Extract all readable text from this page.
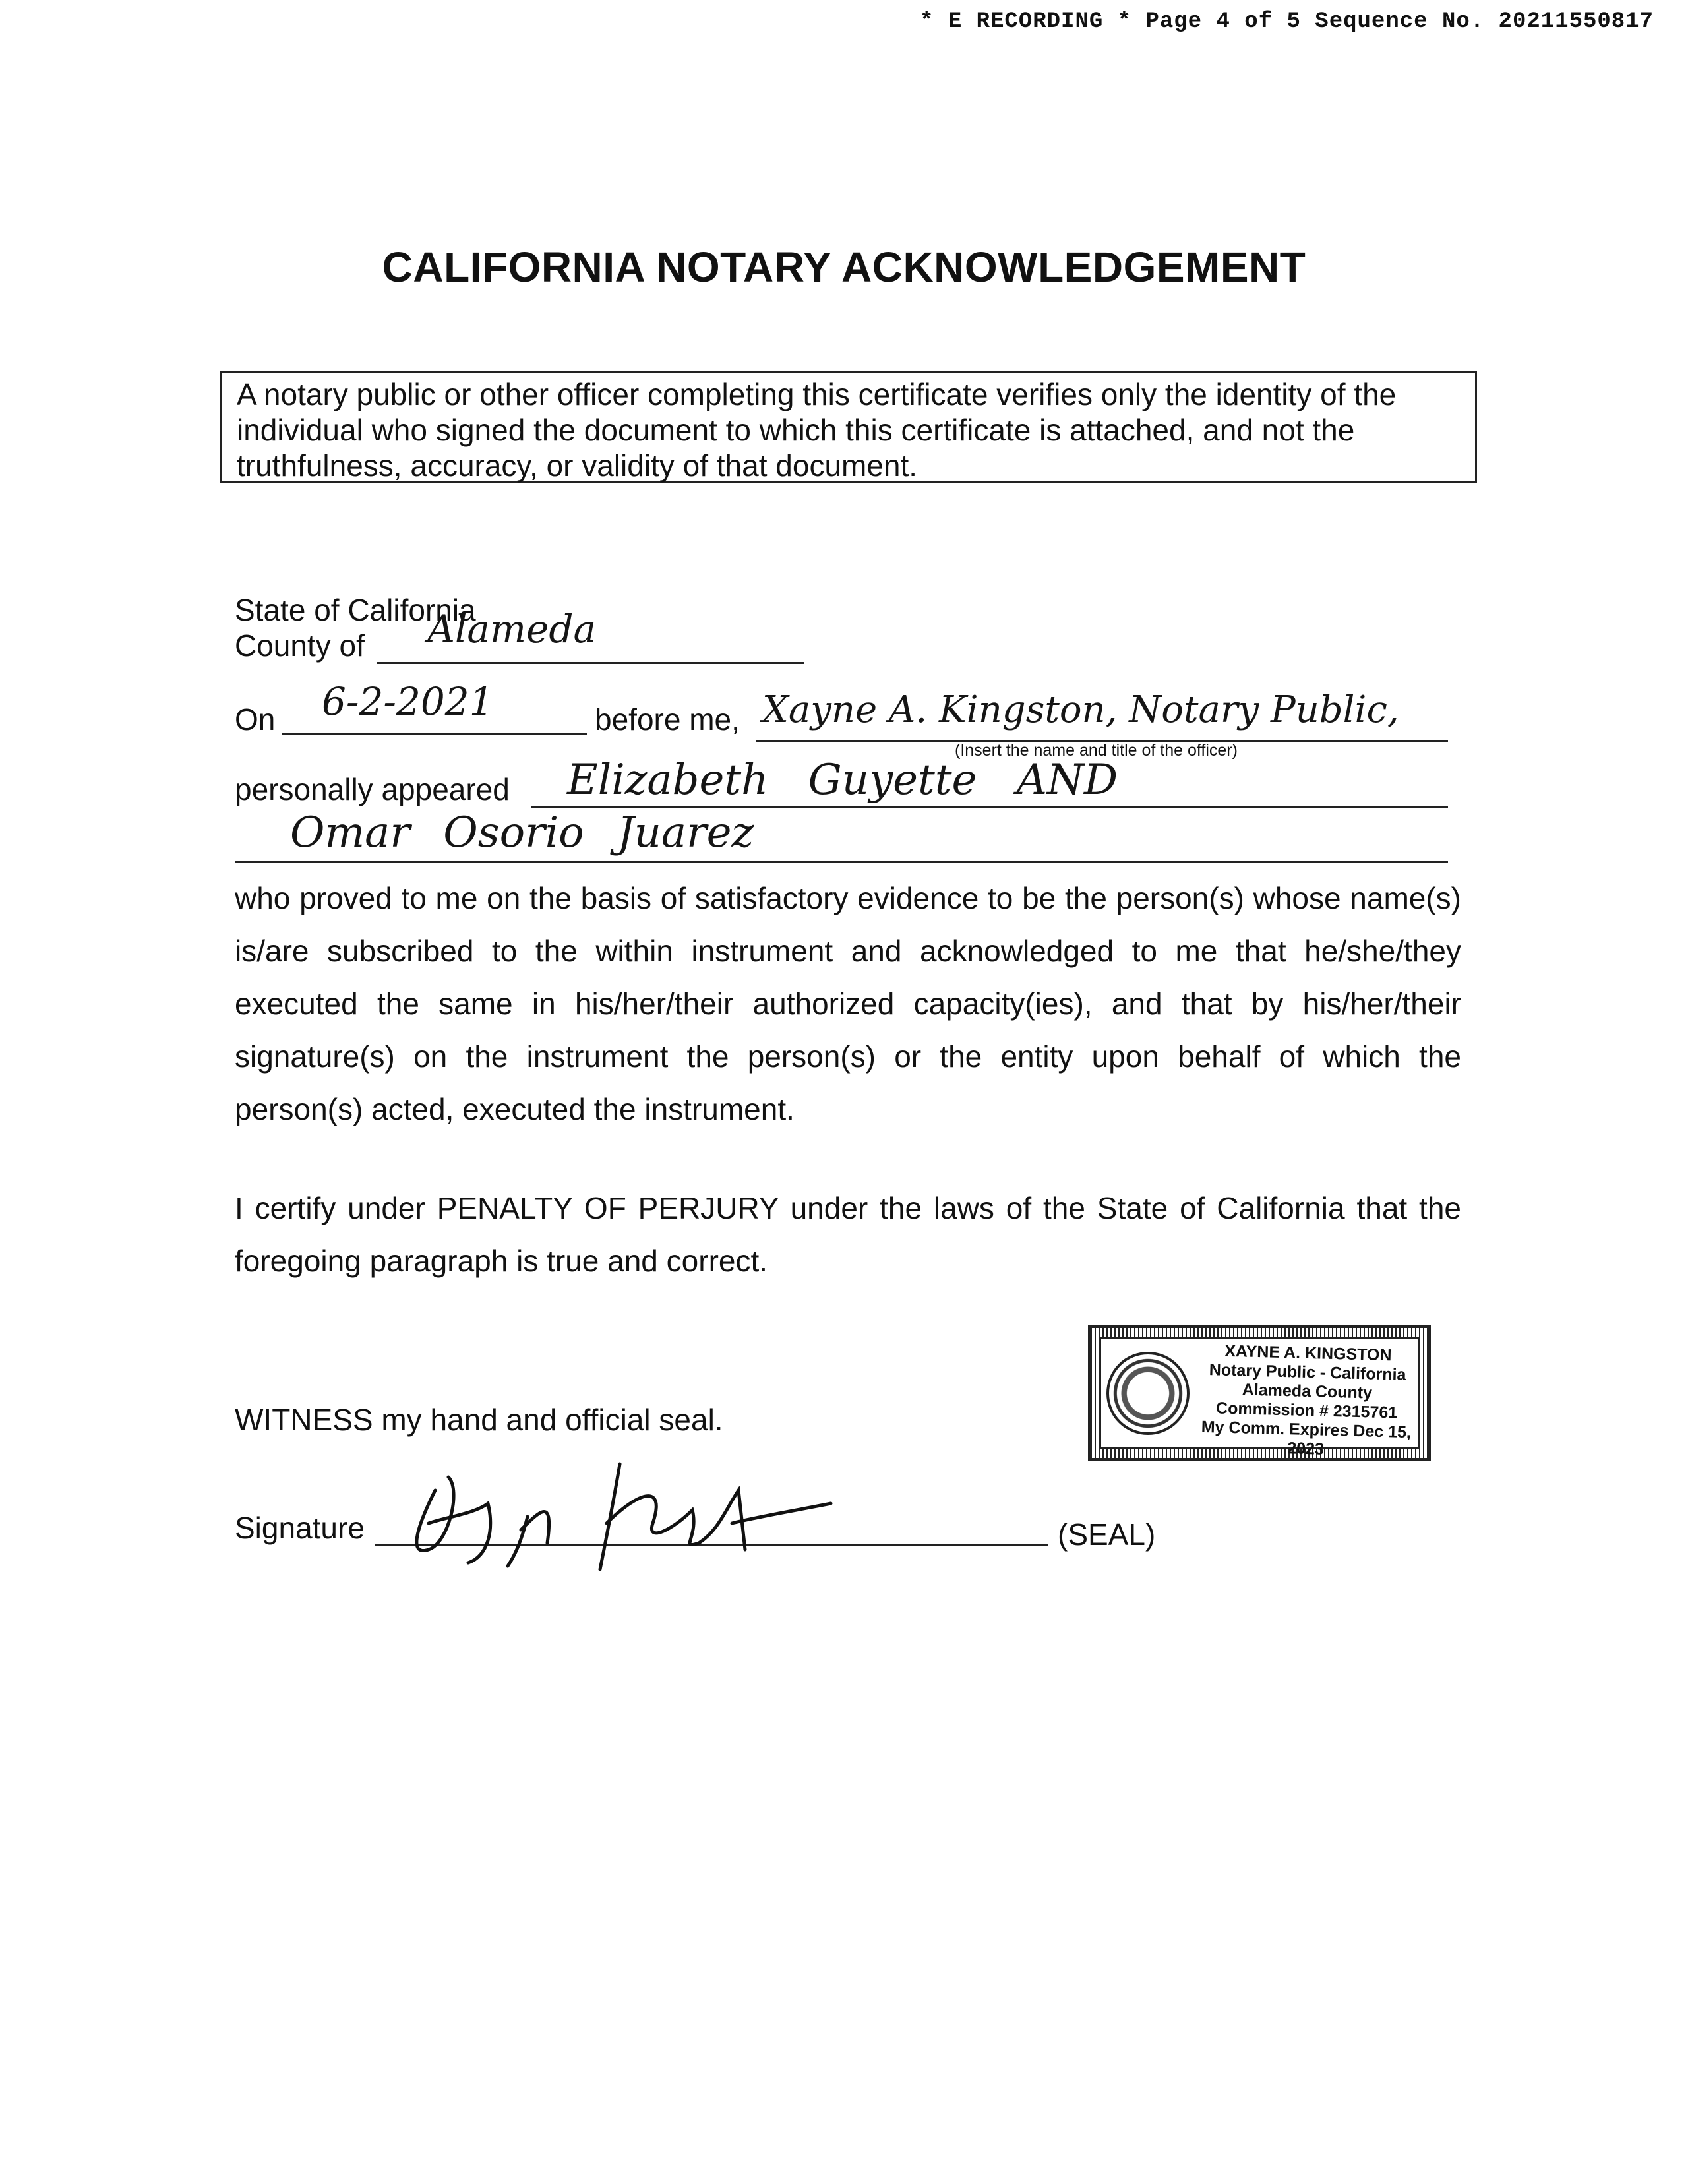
* E RECORDING * Page 4 of 5 Sequence No. 20211550817
CALIFORNIA NOTARY ACKNOWLEDGEMENT
A notary public or other officer completing this certificate verifies only the identity of the individual who signed the document to which this certificate is attached, and not the truthfulness, accuracy, or validity of that document.
State of California
County of Alameda
On 6-2-2021	before me, Xayne A. Kingston, Notary Public,
(Insert the name and title of the officer)
personally appeared Elizabeth Guyette AND
Omar Osorio Juarez
who proved to me on the basis of satisfactory evidence to be the person(s) whose name(s) is/are subscribed to the within instrument and acknowledged to me that he/she/they executed the same in his/her/their authorized capacity(ies), and that by his/her/their signature(s) on the instrument the person(s) or the entity upon behalf of which the person(s) acted, executed the instrument.
I certify under PENALTY OF PERJURY under the laws of the State of California that the foregoing paragraph is true and correct.
XAYNE A. KINGSTON
Notary Public - California
Alameda County
Commission # 2315761
My Comm. Expires Dec 15, 2023
WITNESS my hand and official seal.
Signature	(SEAL)
